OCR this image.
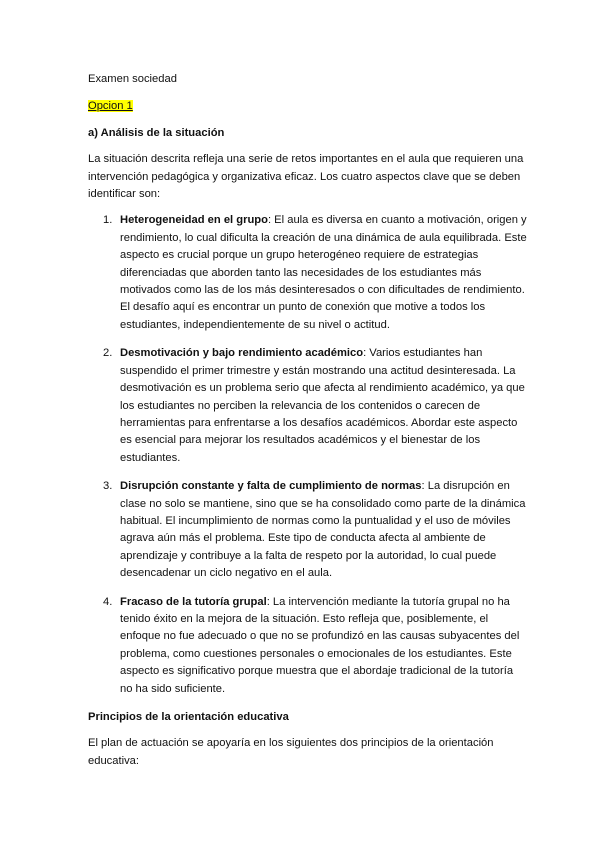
Examen sociedad

Opcion 1

a) Análisis de la situación

La situación descrita refleja una serie de retos importantes en el aula que requieren una intervención pedagógica y organizativa eficaz. Los cuatro aspectos clave que se deben identificar son:

1. Heterogeneidad en el grupo: El aula es diversa en cuanto a motivación, origen y rendimiento, lo cual dificulta la creación de una dinámica de aula equilibrada. Este aspecto es crucial porque un grupo heterogéneo requiere de estrategias diferenciadas que aborden tanto las necesidades de los estudiantes más motivados como las de los más desinteresados o con dificultades de rendimiento. El desafío aquí es encontrar un punto de conexión que motive a todos los estudiantes, independientemente de su nivel o actitud.
2. Desmotivación y bajo rendimiento académico: Varios estudiantes han suspendido el primer trimestre y están mostrando una actitud desinteresada. La desmotivación es un problema serio que afecta al rendimiento académico, ya que los estudiantes no perciben la relevancia de los contenidos o carecen de herramientas para enfrentarse a los desafíos académicos. Abordar este aspecto es esencial para mejorar los resultados académicos y el bienestar de los estudiantes.
3. Disrupción constante y falta de cumplimiento de normas: La disrupción en clase no solo se mantiene, sino que se ha consolidado como parte de la dinámica habitual. El incumplimiento de normas como la puntualidad y el uso de móviles agrava aún más el problema. Este tipo de conducta afecta al ambiente de aprendizaje y contribuye a la falta de respeto por la autoridad, lo cual puede desencadenar un ciclo negativo en el aula.
4. Fracaso de la tutoría grupal: La intervención mediante la tutoría grupal no ha tenido éxito en la mejora de la situación. Esto refleja que, posiblemente, el enfoque no fue adecuado o que no se profundizó en las causas subyacentes del problema, como cuestiones personales o emocionales de los estudiantes. Este aspecto es significativo porque muestra que el abordaje tradicional de la tutoría no ha sido suficiente.

Principios de la orientación educativa

El plan de actuación se apoyaría en los siguientes dos principios de la orientación educativa:
